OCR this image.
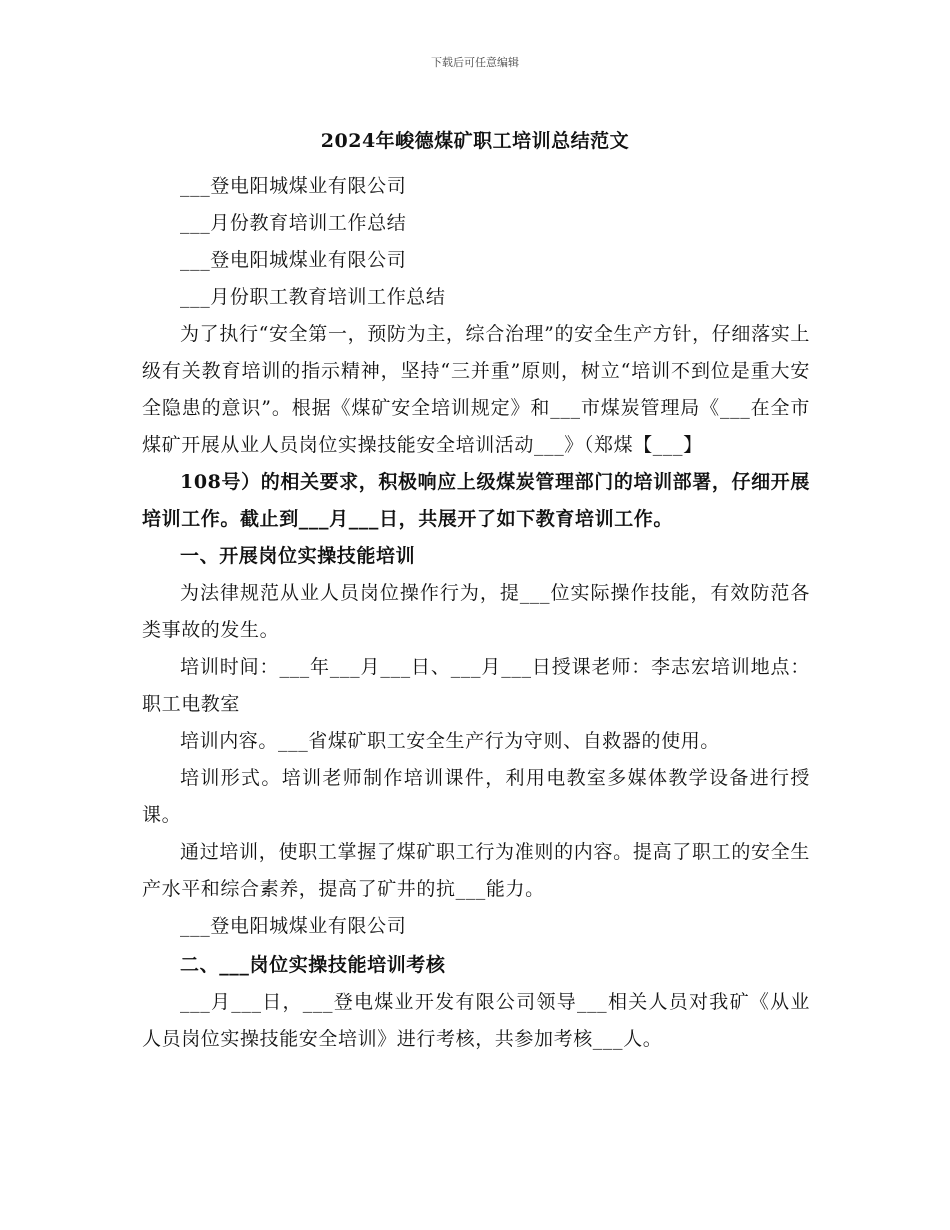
下载后可任意编辑
2024年峻德煤矿职工培训总结范文

___登电阳城煤业有限公司

___月份教育培训工作总结

___登电阳城煤业有限公司

___月份职工教育培训工作总结

为了执行“安全第一，预防为主，综合治理”的安全生产方针，仔细落实上级有关教育培训的指示精神，坚持“三并重”原则，树立“培训不到位是重大安全隐患的意识”。根据《煤矿安全培训规定》和___市煤炭管理局《___在全市煤矿开展从业人员岗位实操技能安全培训活动___》（郑煤【___】

108号）的相关要求，积极响应上级煤炭管理部门的培训部署，仔细开展培训工作。截止到___月___日，共展开了如下教育培训工作。

一、开展岗位实操技能培训

为法律规范从业人员岗位操作行为，提___位实际操作技能，有效防范各类事故的发生。

培训时间：___年___月___日、___月___日授课老师：李志宏培训地点：职工电教室

培训内容。___省煤矿职工安全生产行为守则、自救器的使用。

培训形式。培训老师制作培训课件，利用电教室多媒体教学设备进行授课。

通过培训，使职工掌握了煤矿职工行为准则的内容。提高了职工的安全生产水平和综合素养，提高了矿井的抗___能力。

___登电阳城煤业有限公司

二、___岗位实操技能培训考核

___月___日，___登电煤业开发有限公司领导___相关人员对我矿《从业人员岗位实操技能安全培训》进行考核，共参加考核___人。
